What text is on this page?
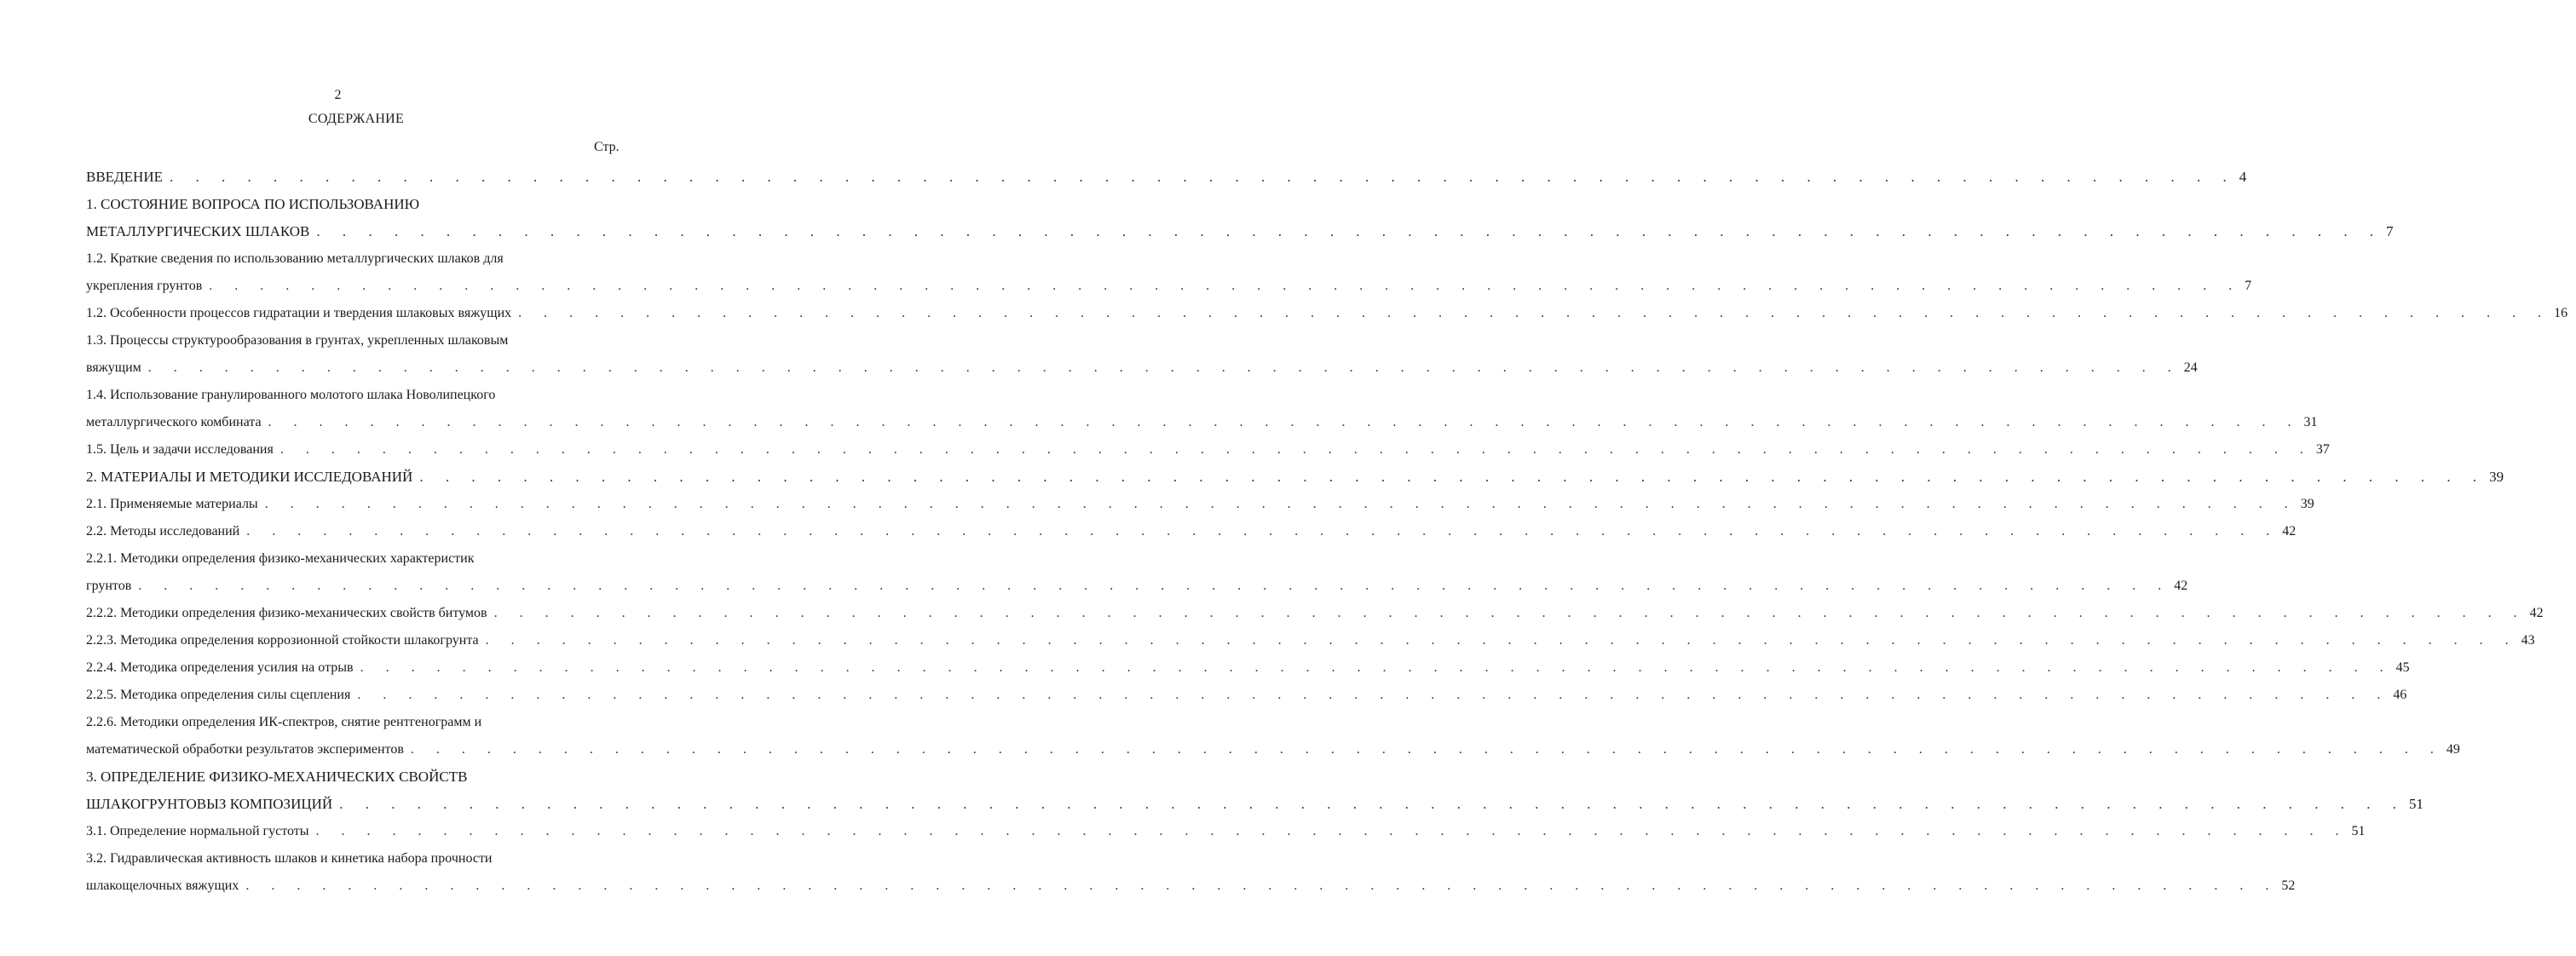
2
СОДЕРЖАНИЕ
Стр.
ВВЕДЕНИЕ . . . . . . . . . . . . . . . . . . . . . . . . . . . . . . . . . . . . . . . . . . . . . . . . . . . . . . . . . . . . . . . . . . . . . . . . . . . . . . . . 4
1. СОСТОЯНИЕ ВОПРОСА ПО ИСПОЛЬЗОВАНИЮ
МЕТАЛЛУРГИЧЕСКИХ ШЛАКОВ . . . . . . . . . . . . . . . . . . . . . . . . . . . . . . . . . . . . . . . . . . . . . . . . . . . . . . . . . . . . . . . . . . . . . . . . . . . . . . . . 7
1.2. Краткие сведения по использованию металлургических шлаков для
укрепления грунтов . . . . . . . . . . . . . . . . . . . . . . . . . . . . . . . . . . . . . . . . . . . . . . . . . . . . . . . . . . . . . . . . . . . . . . . . . . . . . . . . 7
1.2. Особенности процессов гидратации и твердения шлаковых вяжущих . . . . . . . . . . . . . . . . . . . . . . . . . . . . . . . . . . . . . . . . . . . . . . . . . . . . . . . . . . . . . . . . . . . . . . . . . . . . . . . . 16
1.3. Процессы структурообразования в грунтах, укрепленных шлаковым
вяжущим . . . . . . . . . . . . . . . . . . . . . . . . . . . . . . . . . . . . . . . . . . . . . . . . . . . . . . . . . . . . . . . . . . . . . . . . . . . . . . . . 24
1.4. Использование гранулированного молотого шлака Новолипецкого
металлургического комбината . . . . . . . . . . . . . . . . . . . . . . . . . . . . . . . . . . . . . . . . . . . . . . . . . . . . . . . . . . . . . . . . . . . . . . . . . . . . . . . . 31
1.5. Цель и задачи исследования . . . . . . . . . . . . . . . . . . . . . . . . . . . . . . . . . . . . . . . . . . . . . . . . . . . . . . . . . . . . . . . . . . . . . . . . . . . . . . . . 37
2. МАТЕРИАЛЫ И МЕТОДИКИ ИССЛЕДОВАНИЙ . . . . . . . . . . . . . . . . . . . . . . . . . . . . . . . . . . . . . . . . . . . . . . . . . . . . . . . . . . . . . . . . . . . . . . . . . . . . . . . . 39
2.1. Применяемые материалы . . . . . . . . . . . . . . . . . . . . . . . . . . . . . . . . . . . . . . . . . . . . . . . . . . . . . . . . . . . . . . . . . . . . . . . . . . . . . . . . 39
2.2. Методы исследований . . . . . . . . . . . . . . . . . . . . . . . . . . . . . . . . . . . . . . . . . . . . . . . . . . . . . . . . . . . . . . . . . . . . . . . . . . . . . . . . 42
2.2.1. Методики определения физико-механических характеристик
грунтов . . . . . . . . . . . . . . . . . . . . . . . . . . . . . . . . . . . . . . . . . . . . . . . . . . . . . . . . . . . . . . . . . . . . . . . . . . . . . . . . 42
2.2.2. Методики определения физико-механических свойств битумов . . . . . . . . . . . . . . . . . . . . . . . . . . . . . . . . . . . . . . . . . . . . . . . . . . . . . . . . . . . . . . . . . . . . . . . . . . . . . . . . 42
2.2.3. Методика определения коррозионной стойкости шлакогрунта . . . . . . . . . . . . . . . . . . . . . . . . . . . . . . . . . . . . . . . . . . . . . . . . . . . . . . . . . . . . . . . . . . . . . . . . . . . . . . . . 43
2.2.4. Методика определения усилия на отрыв . . . . . . . . . . . . . . . . . . . . . . . . . . . . . . . . . . . . . . . . . . . . . . . . . . . . . . . . . . . . . . . . . . . . . . . . . . . . . . . . 45
2.2.5. Методика определения силы сцепления . . . . . . . . . . . . . . . . . . . . . . . . . . . . . . . . . . . . . . . . . . . . . . . . . . . . . . . . . . . . . . . . . . . . . . . . . . . . . . . . 46
2.2.6. Методики определения ИК-спектров, снятие рентгенограмм и
математической обработки результатов экспериментов . . . . . . . . . . . . . . . . . . . . . . . . . . . . . . . . . . . . . . . . . . . . . . . . . . . . . . . . . . . . . . . . . . . . . . . . . . . . . . . . 49
3. ОПРЕДЕЛЕНИЕ ФИЗИКО-МЕХАНИЧЕСКИХ СВОЙСТВ
ШЛАКОГРУНТОВЫЗ КОМПОЗИЦИЙ . . . . . . . . . . . . . . . . . . . . . . . . . . . . . . . . . . . . . . . . . . . . . . . . . . . . . . . . . . . . . . . . . . . . . . . . . . . . . . . . 51
3.1. Определение нормальной густоты . . . . . . . . . . . . . . . . . . . . . . . . . . . . . . . . . . . . . . . . . . . . . . . . . . . . . . . . . . . . . . . . . . . . . . . . . . . . . . . . 51
3.2. Гидравлическая активность шлаков и кинетика набора прочности
шлакощелочных вяжущих . . . . . . . . . . . . . . . . . . . . . . . . . . . . . . . . . . . . . . . . . . . . . . . . . . . . . . . . . . . . . . . . . . . . . . . . . . . . . . . . 52
